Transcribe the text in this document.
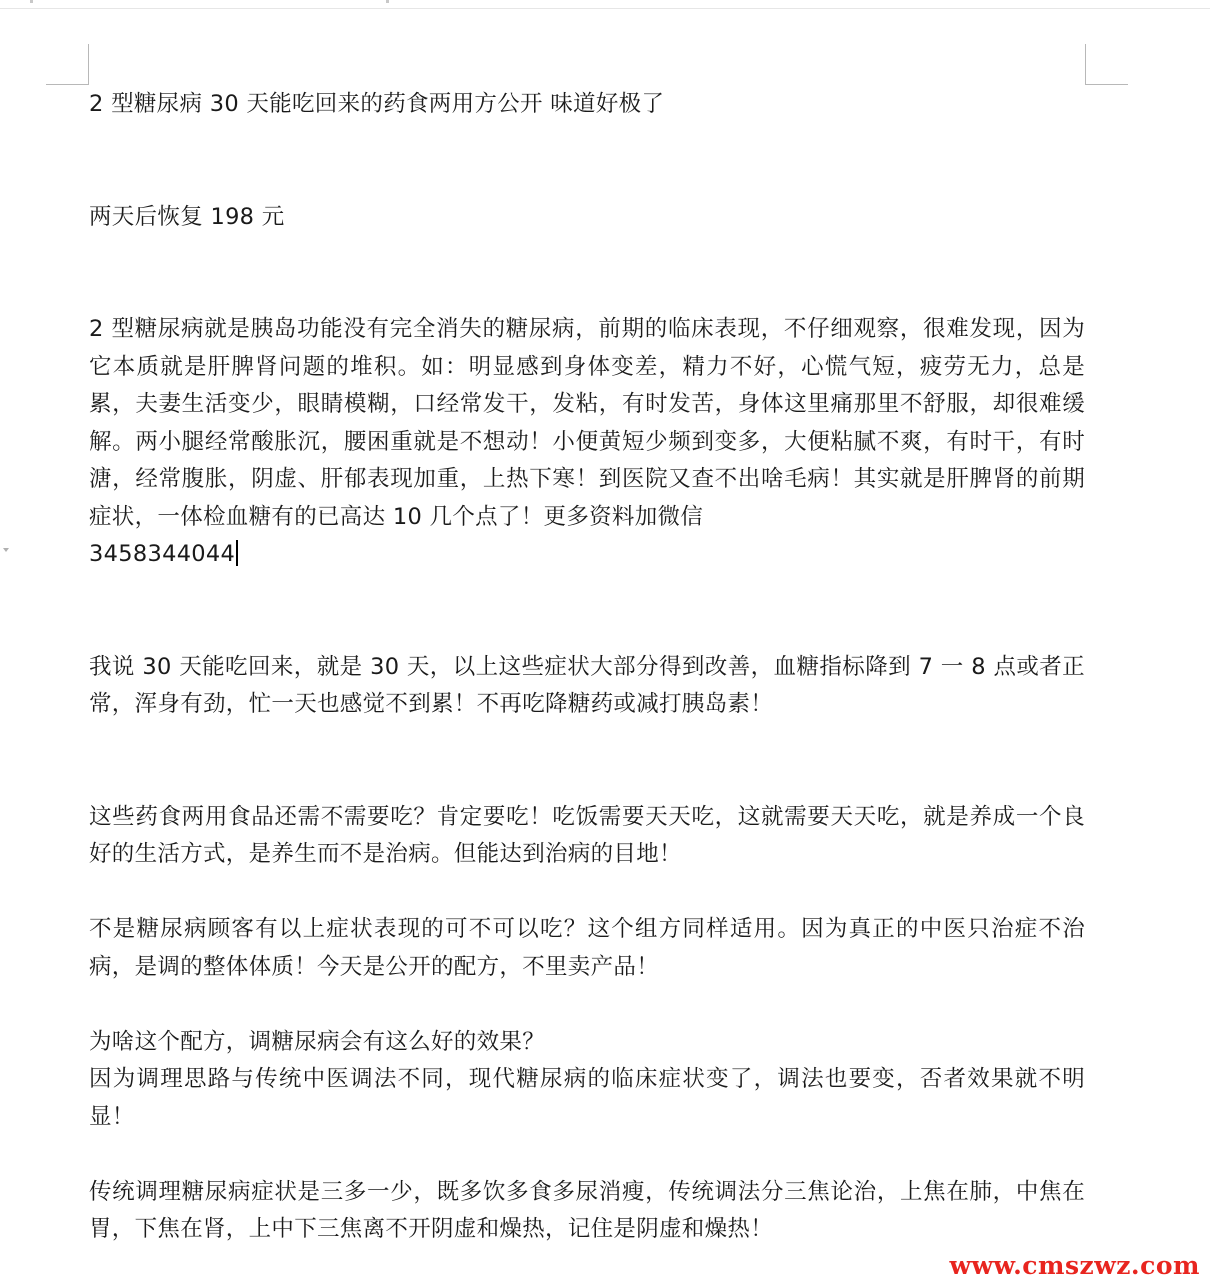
2 型糖尿病 30 天能吃回来的药食两用方公开 味道好极了

两天后恢复 198 元

2 型糖尿病就是胰岛功能没有完全消失的糖尿病，前期的临床表现，不仔细观察，很难发现，因为它本质就是肝脾肾问题的堆积。如：明显感到身体变差，精力不好，心慌气短，疲劳无力，总是累，夫妻生活变少，眼睛模糊，口经常发干，发粘，有时发苦，身体这里痛那里不舒服，却很难缓解。两小腿经常酸胀沉，腰困重就是不想动！小便黄短少频到变多，大便粘腻不爽，有时干，有时溏，经常腹胀，阴虚、肝郁表现加重，上热下寒！到医院又查不出啥毛病！其实就是肝脾肾的前期症状，一体检血糖有的已高达 10 几个点了！更多资料加微信
3458344044

我说 30 天能吃回来，就是 30 天，以上这些症状大部分得到改善，血糖指标降到 7 一 8 点或者正常，浑身有劲，忙一天也感觉不到累！不再吃降糖药或减打胰岛素！

这些药食两用食品还需不需要吃？肯定要吃！吃饭需要天天吃，这就需要天天吃，就是养成一个良好的生活方式，是养生而不是治病。但能达到治病的目地！

不是糖尿病顾客有以上症状表现的可不可以吃？这个组方同样适用。因为真正的中医只治症不治病，是调的整体体质！今天是公开的配方，不里卖产品！

为啥这个配方，调糖尿病会有这么好的效果？

因为调理思路与传统中医调法不同，现代糖尿病的临床症状变了，调法也要变，否者效果就不明显！

传统调理糖尿病症状是三多一少，既多饮多食多尿消瘦，传统调法分三焦论治，上焦在肺，中焦在胃，下焦在肾，上中下三焦离不开阴虚和燥热，记住是阴虚和燥热！

www.cmszwz.com
